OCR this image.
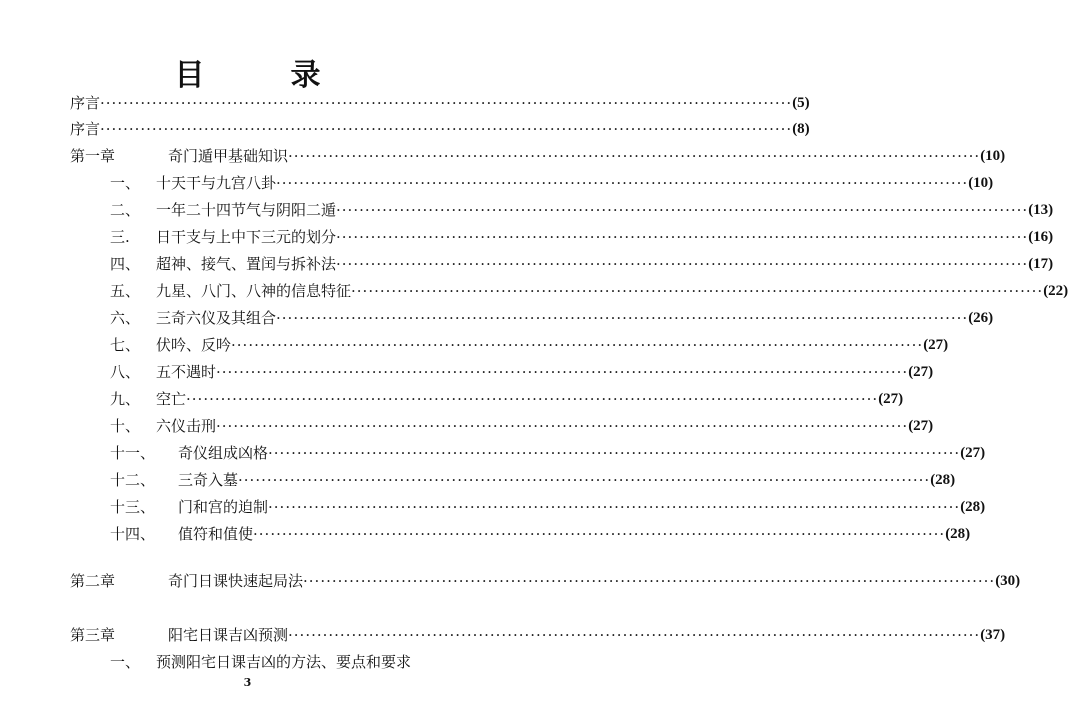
目　录
序言 ························································································································ (5)
序言 ························································································································ (8)
第一章	奇门遁甲基础知识 ························································································································ (10)
一、	十天干与九宫八卦 ························································································································ (10)
二、	一年二十四节气与阴阳二遁 ························································································································ (13)
三.	日干支与上中下三元的划分 ························································································································ (16)
四、	超神、接气、置闰与拆补法 ························································································································ (17)
五、	九星、八门、八神的信息特征 ························································································································ (22)
六、	三奇六仪及其组合 ························································································································ (26)
七、	伏吟、反吟 ························································································································ (27)
八、	五不遇时 ························································································································ (27)
九、	空亡 ························································································································ (27)
十、	六仪击刑 ························································································································ (27)
十一、	奇仪组成凶格 ························································································································ (27)
十二、	三奇入墓 ························································································································ (28)
十三、	门和宫的迫制 ························································································································ (28)
十四、	值符和值使 ························································································································ (28)
第二章	奇门日课快速起局法 ························································································································ (30)
第三章	阳宅日课吉凶预测 ························································································································ (37)
一、	预测阳宅日课吉凶的方法、要点和要求
3
